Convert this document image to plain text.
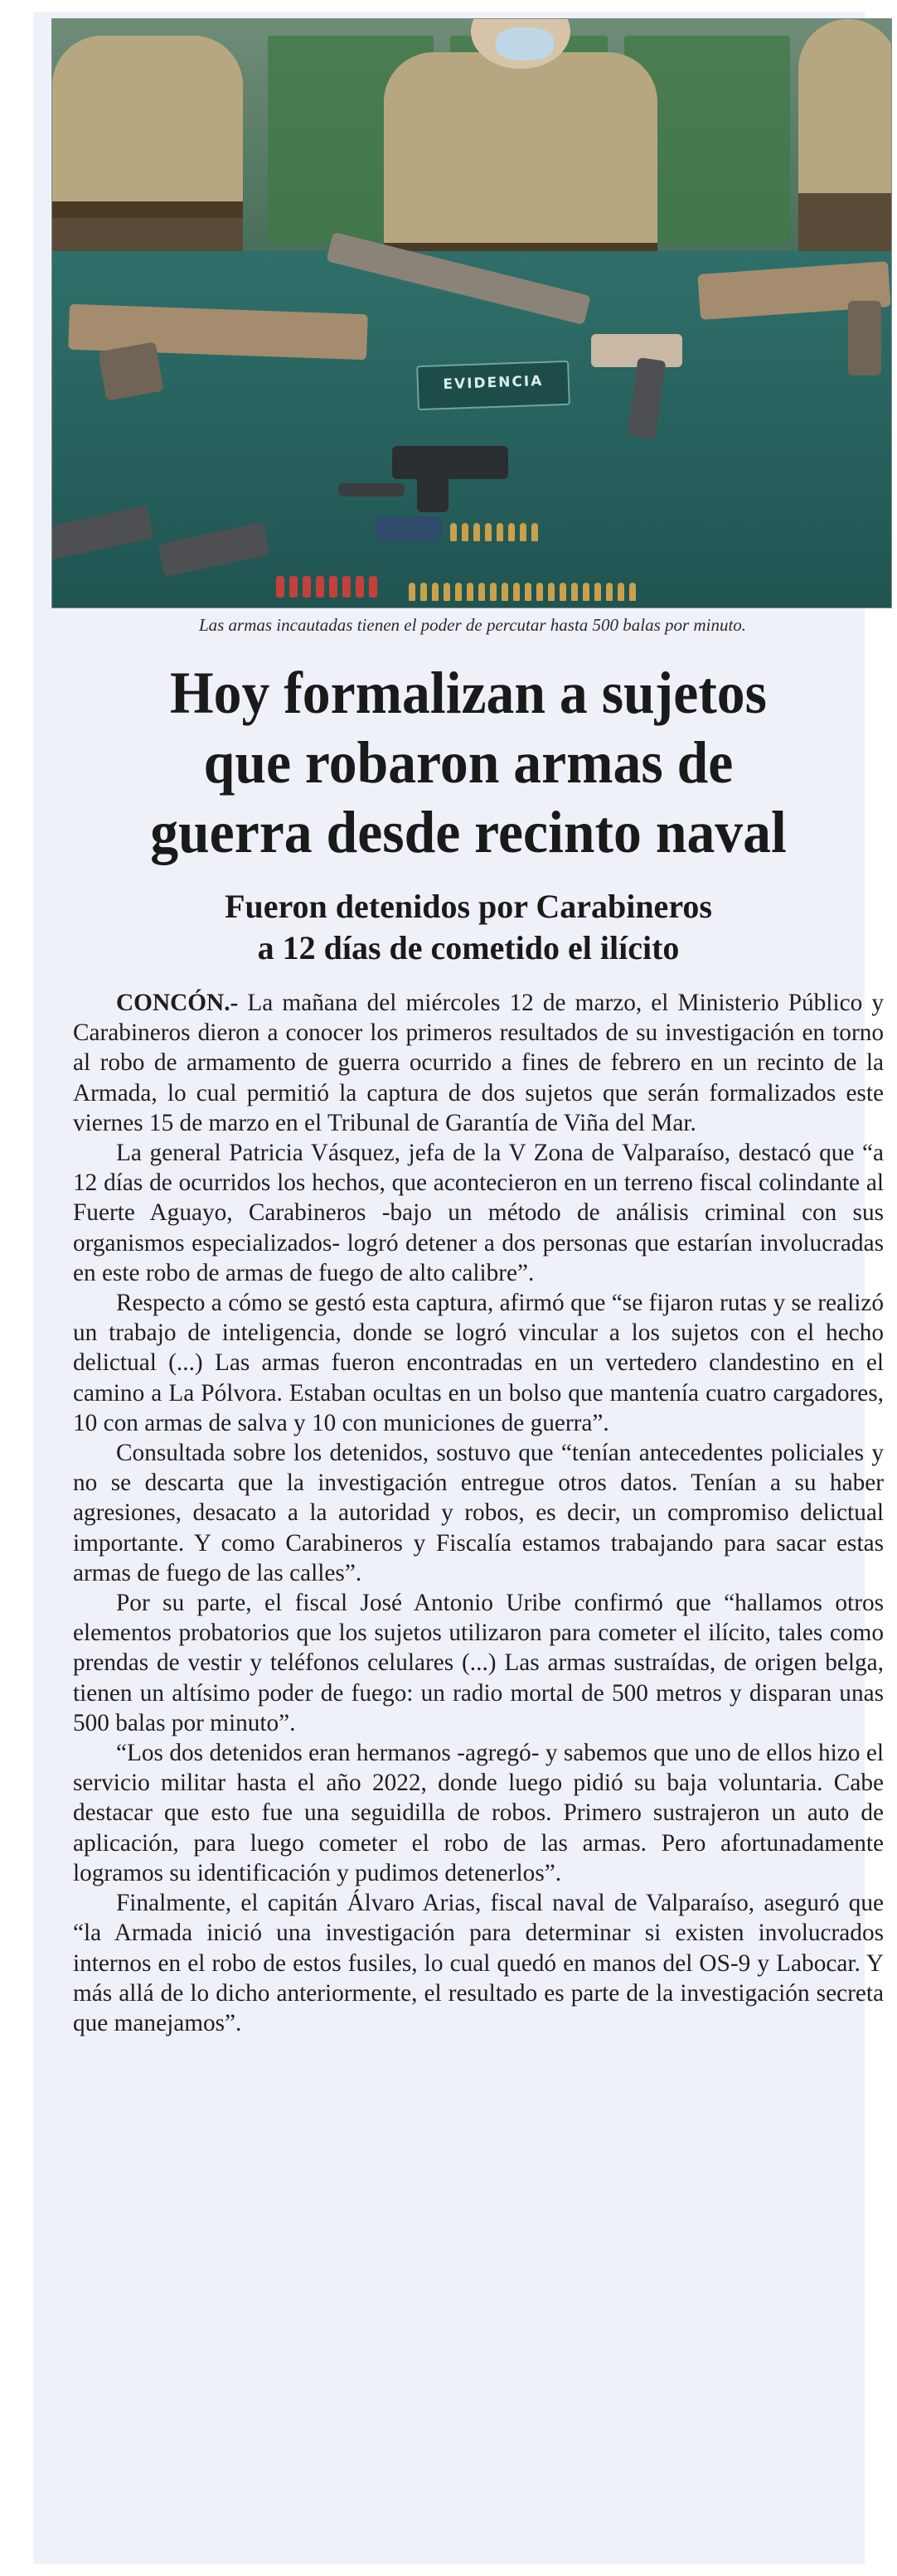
EVIDENCIA
Las armas incautadas tienen el poder de percutar hasta 500 balas por minuto.
Hoy formalizan a sujetos
que robaron armas de
guerra desde recinto naval
Fueron detenidos por Carabineros
a 12 días de cometido el ilícito

CONCÓN.- La mañana del miércoles 12 de marzo, el Ministerio Público y Carabineros dieron a conocer los primeros resultados de su investigación en torno al robo de armamento de guerra ocurrido a fines de febrero en un recinto de la Armada, lo cual permitió la captura de dos sujetos que serán formalizados este viernes 15 de marzo en el Tribunal de Garantía de Viña del Mar.

La general Patricia Vásquez, jefa de la V Zona de Valparaíso, destacó que “a 12 días de ocurridos los hechos, que acontecieron en un terreno fiscal colindante al Fuerte Aguayo, Carabineros -bajo un método de análisis criminal con sus organismos especializados- logró detener a dos personas que estarían involucradas en este robo de armas de fuego de alto calibre”.

Respecto a cómo se gestó esta captura, afirmó que “se fijaron rutas y se realizó un trabajo de inteligencia, donde se logró vincular a los sujetos con el hecho delictual (...) Las armas fueron encontradas en un vertedero clandestino en el camino a La Pólvora. Estaban ocultas en un bolso que mantenía cuatro cargadores, 10 con armas de salva y 10 con municiones de guerra”.

Consultada sobre los detenidos, sostuvo que “tenían antecedentes policiales y no se descarta que la investigación entregue otros datos. Tenían a su haber agresiones, desacato a la autoridad y robos, es decir, un compromiso delictual importante. Y como Carabineros y Fiscalía estamos trabajando para sacar estas armas de fuego de las calles”.

Por su parte, el fiscal José Antonio Uribe confirmó que “hallamos otros elementos probatorios que los sujetos utilizaron para cometer el ilícito, tales como prendas de vestir y teléfonos celulares (...) Las armas sustraídas, de origen belga, tienen un altísimo poder de fuego: un radio mortal de 500 metros y disparan unas 500 balas por minuto”.

“Los dos detenidos eran hermanos -agregó- y sabemos que uno de ellos hizo el servicio militar hasta el año 2022, donde luego pidió su baja voluntaria. Cabe destacar que esto fue una seguidilla de robos. Primero sustrajeron un auto de aplicación, para luego cometer el robo de las armas. Pero afortunadamente logramos su identificación y pudimos detenerlos”.

Finalmente, el capitán Álvaro Arias, fiscal naval de Valparaíso, aseguró que “la Armada inició una investigación para determinar si existen involucrados internos en el robo de estos fusiles, lo cual quedó en manos del OS-9 y Labocar. Y más allá de lo dicho anteriormente, el resultado es parte de la investigación secreta que manejamos”.
